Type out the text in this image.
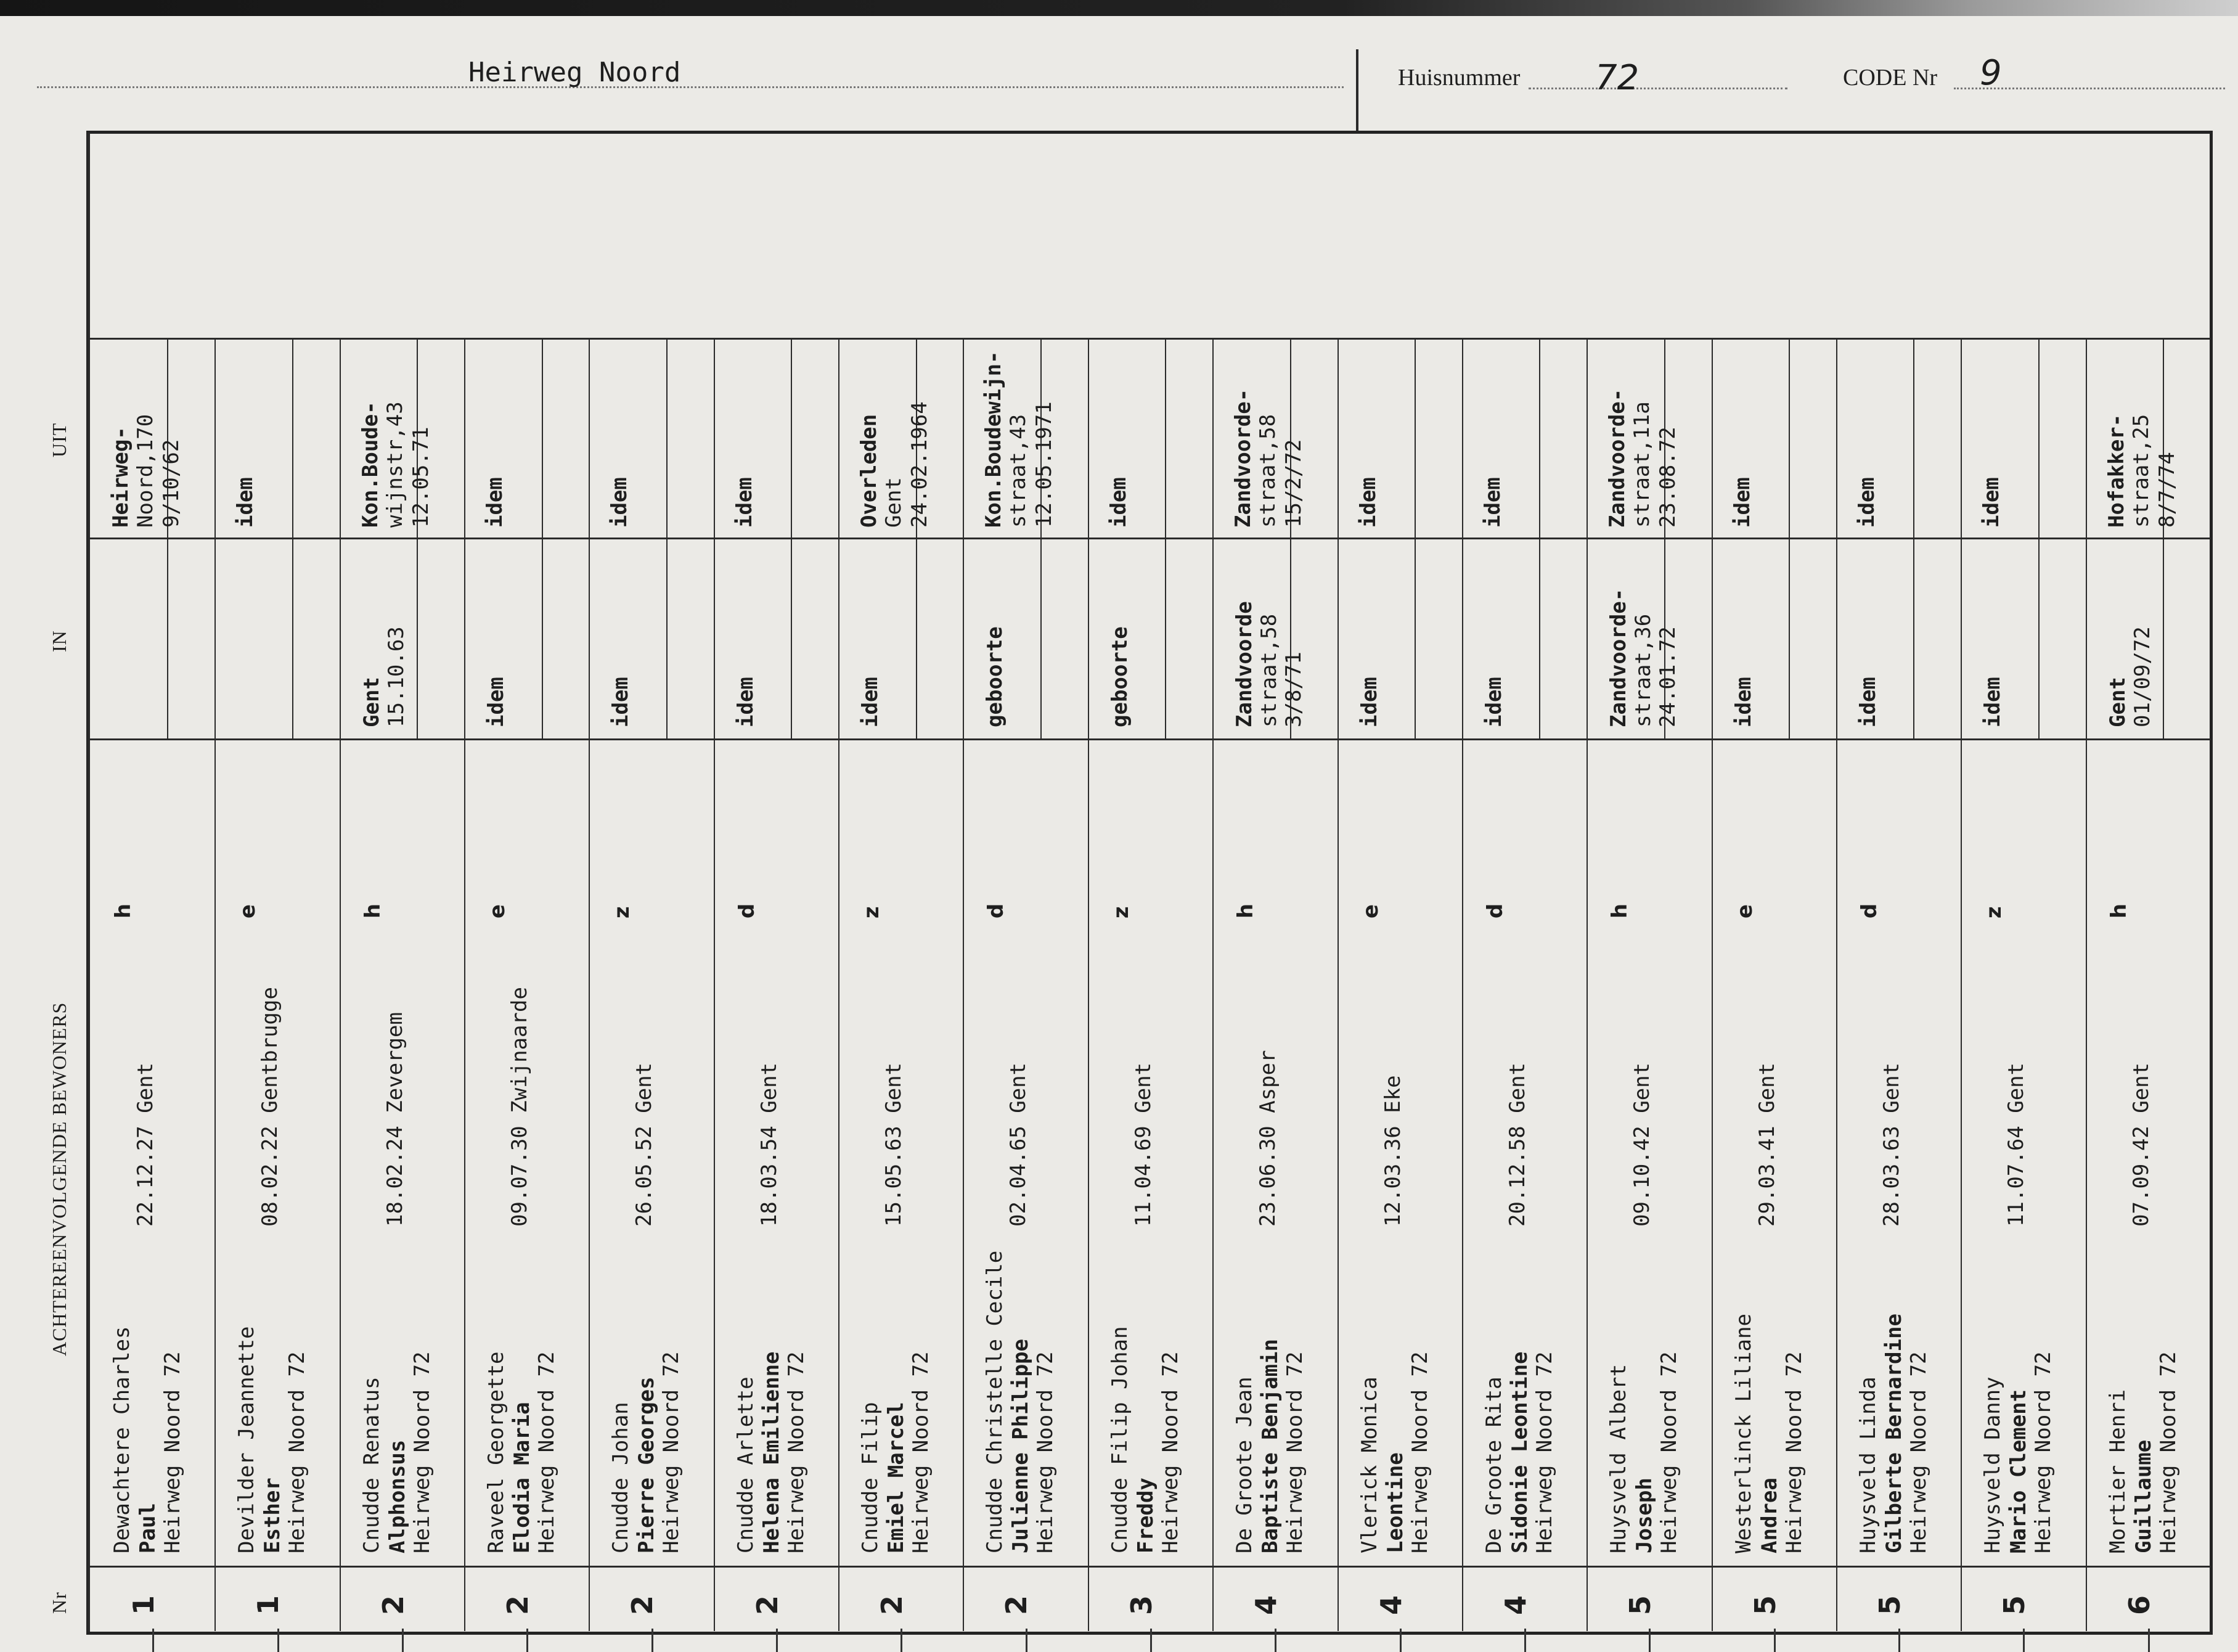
Heirweg Noord	Huisnummer 72	CODE Nr 9
UIT
IN
ACHTEREENVOLGENDE BEWONERS
Nr
Dewachtere Charles Paul Heirweg Noord 72
22.12.27 Gent
h
Heirweg- Noord,170 9/10/62
1
Devilder Jeannette Esther Heirweg Noord 72
08.02.22 Gentbrugge
e
idem
1
Cnudde Renatus Alphonsus Heirweg Noord 72
18.02.24 Zevergem
h
Gent 15.10.63
Kon.Boude- wijnstr,43 12.05.71
2
Raveel Georgette Elodia Maria Heirweg Noord 72
09.07.30 Zwijnaarde
e
idem
idem
2
Cnudde Johan Pierre Georges Heirweg Noord 72
26.05.52 Gent
z
idem
idem
2
Cnudde Arlette Helena Emilienne Heirweg Noord 72
18.03.54 Gent
d
idem
idem
2
Cnudde Filip Emiel Marcel Heirweg Noord 72
15.05.63 Gent
z
idem
Overleden Gent 24.02.1964
2
Cnudde Christelle Cecile Julienne Philippe Heirweg Noord 72
02.04.65 Gent
d
geboorte
Kon.Boudewijn- straat,43 12.05.1971
2
Cnudde Filip Johan Freddy Heirweg Noord 72
11.04.69 Gent
z
geboorte
idem
3
De Groote Jean Baptiste Benjamin Heirweg Noord 72
23.06.30 Asper
h
Zandvoorde straat,58 3/8/71
Zandvoorde- straat,58 15/2/72
4
Vlerick Monica Leontine Heirweg Noord 72
12.03.36 Eke
e
idem
idem
4
De Groote Rita Sidonie Leontine Heirweg Noord 72
20.12.58 Gent
d
idem
idem
4
Huysveld Albert Joseph Heirweg Noord 72
09.10.42 Gent
h
Zandvoorde- straat,36 24.01.72
Zandvoorde- straat,11a 23.08.72
5
Westerlinck Liliane Andrea Heirweg Noord 72
29.03.41 Gent
e
idem
idem
5
Huysveld Linda Gilberte Bernardine Heirweg Noord 72
28.03.63 Gent
d
idem
idem
5
Huysveld Danny Mario Clement Heirweg Noord 72
11.07.64 Gent
z
idem
idem
5
Mortier Henri Guillaume Heirweg Noord 72
07.09.42 Gent
h
Gent 01/09/72
Hofakker- straat,25 8/7/74
6
